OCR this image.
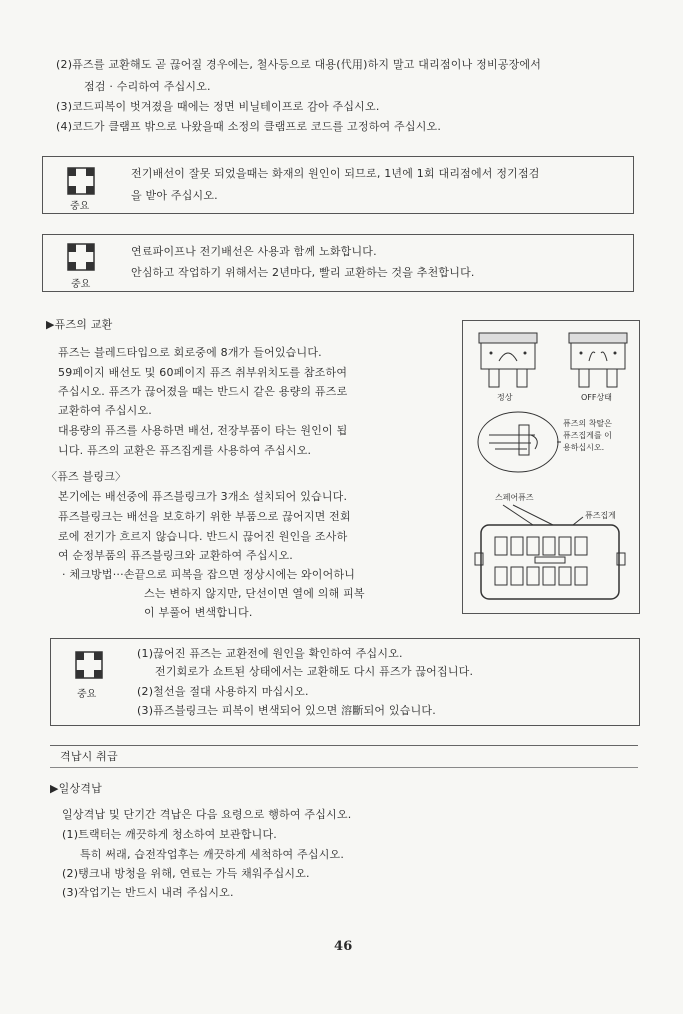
(2)퓨즈를 교환해도 곧 끊어질 경우에는, 철사등으로 대용(代用)하지 말고 대리점이나 정비공장에서
점검 · 수리하여 주십시오.
(3)코드피복이 벗겨졌을 때에는 정면 비닐테이프로 감아 주십시오.
(4)코드가 클램프 밖으로 나왔을때 소정의 클램프로 코드를 고정하여 주십시오.
중요
전기배선이 잘못 되었을때는 화재의 원인이 되므로, 1년에 1회 대리점에서 정기점검
을 받아 주십시오.
중요
연료파이프나 전기배선은 사용과 함께 노화합니다.
안심하고 작업하기 위해서는 2년마다, 빨리 교환하는 것을 추천합니다.
▶퓨즈의 교환
퓨즈는 블레드타입으로 회로중에 8개가 들어있습니다.
59페이지 배선도 및 60페이지 퓨즈 취부위치도를 참조하여
주십시오. 퓨즈가 끊어졌을 때는 반드시 같은 용량의 퓨즈로
교환하여 주십시오.
대용량의 퓨즈를 사용하면 배선, 전장부품이 타는 원인이 됩
니다. 퓨즈의 교환은 퓨즈집게를 사용하여 주십시오.
〈퓨즈 블링크〉
본기에는 배선중에 퓨즈블링크가 3개소 설치되어 있습니다.
퓨즈블링크는 배선을 보호하기 위한 부품으로 끊어지면 전회
로에 전기가 흐르지 않습니다. 반드시 끊어진 원인을 조사하
여 순정부품의 퓨즈블링크와 교환하여 주십시오.
· 체크방법···손끝으로 피복을 잡으면 정상시에는 와이어하니
스는 변하지 않지만, 단선이면 열에 의해 피복
이 부풀어 변색합니다.
정상	OFF상태
퓨즈의 착탈은
퓨즈집게를 이
용하십시오.
스페어퓨즈
퓨즈집게
중요
(1)끊어진 퓨즈는 교환전에 원인을 확인하여 주십시오.
전기회로가 쇼트된 상태에서는 교환해도 다시 퓨즈가 끊어집니다.
(2)철선을 절대 사용하지 마십시오.
(3)퓨즈블링크는 피복이 변색되어 있으면 溶斷되어 있습니다.
격납시 취급
▶일상격납
일상격납 및 단기간 격납은 다음 요령으로 행하여 주십시오.
(1)트랙터는 깨끗하게 청소하여 보관합니다.
특히 써래, 습전작업후는 깨끗하게 세척하여 주십시오.
(2)탱크내 방청을 위해, 연료는 가득 채워주십시오.
(3)작업기는 반드시 내려 주십시오.
46
